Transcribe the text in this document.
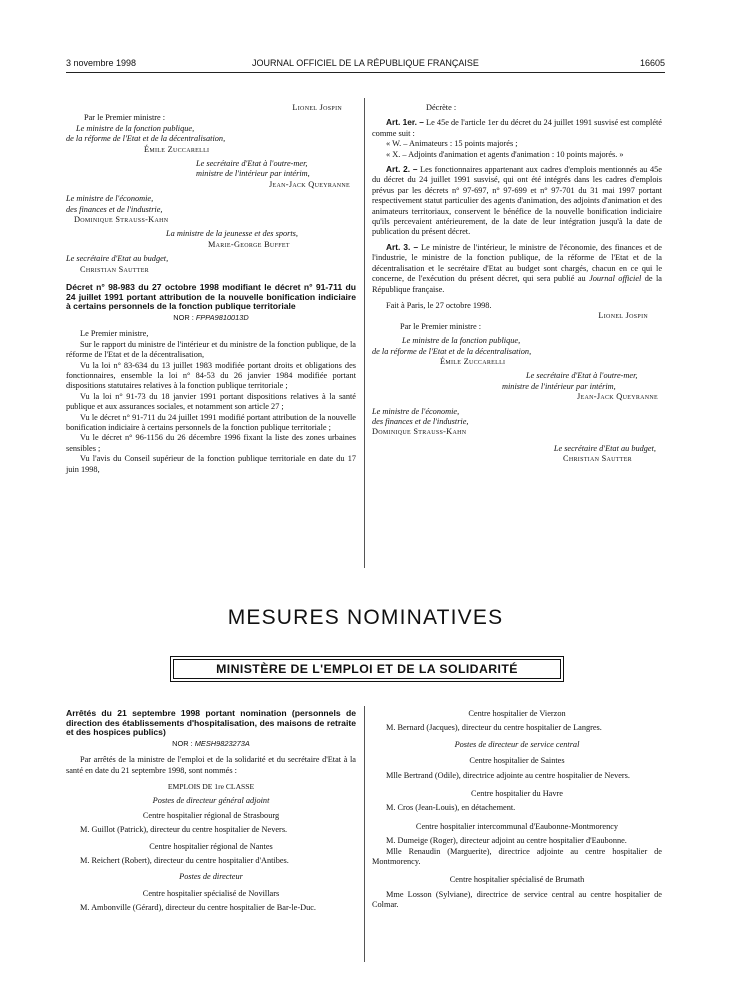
3 novembre 1998	JOURNAL OFFICIEL DE LA RÉPUBLIQUE FRANÇAISE	16605

Lionel Jospin

Par le Premier ministre :

Le ministre de la fonction publique,

de la réforme de l'Etat et de la décentralisation,

Émile Zuccarelli

Le secrétaire d'Etat à l'outre-mer,

ministre de l'intérieur par intérim,

Jean-Jack Queyranne

Le ministre de l'économie,

des finances et de l'industrie,

Dominique Strauss-Kahn

La ministre de la jeunesse et des sports,

Marie-George Buffet

Le secrétaire d'Etat au budget,

Christian Sautter

Décret n° 98-983 du 27 octobre 1998 modifiant le décret n° 91-711 du 24 juillet 1991 portant attribution de la nouvelle bonification indiciaire à certains personnels de la fonction publique territoriale

NOR : FPPA9810013D

Le Premier ministre,

Sur le rapport du ministre de l'intérieur et du ministre de la fonction publique, de la réforme de l'Etat et de la décentralisation,

Vu la loi n° 83-634 du 13 juillet 1983 modifiée portant droits et obligations des fonctionnaires, ensemble la loi n° 84-53 du 26 janvier 1984 modifiée portant dispositions statutaires relatives à la fonction publique territoriale ;

Vu la loi n° 91-73 du 18 janvier 1991 portant dispositions relatives à la santé publique et aux assurances sociales, et notamment son article 27 ;

Vu le décret n° 91-711 du 24 juillet 1991 modifié portant attribution de la nouvelle bonification indiciaire à certains personnels de la fonction publique territoriale ;

Vu le décret n° 96-1156 du 26 décembre 1996 fixant la liste des zones urbaines sensibles ;

Vu l'avis du Conseil supérieur de la fonction publique territoriale en date du 17 juin 1998,

Décrète :

Art. 1er. – Le 45e de l'article 1er du décret du 24 juillet 1991 susvisé est complété comme suit :

« W. – Animateurs : 15 points majorés ;

« X. – Adjoints d'animation et agents d'animation : 10 points majorés. »

Art. 2. – Les fonctionnaires appartenant aux cadres d'emplois mentionnés au 45e du décret du 24 juillet 1991 susvisé, qui ont été intégrés dans les cadres d'emplois prévus par les décrets n° 97-697, n° 97-699 et n° 97-701 du 31 mai 1997 portant respectivement statut particulier des agents d'animation, des adjoints d'animation et des animateurs territoriaux, conservent le bénéfice de la nouvelle bonification indiciaire qu'ils percevaient antérieurement, de la date de leur intégration jusqu'à la date de publication du présent décret.

Art. 3. – Le ministre de l'intérieur, le ministre de l'économie, des finances et de l'industrie, le ministre de la fonction publique, de la réforme de l'Etat et de la décentralisation et le secrétaire d'Etat au budget sont chargés, chacun en ce qui le concerne, de l'exécution du présent décret, qui sera publié au Journal officiel de la République française.

Fait à Paris, le 27 octobre 1998.

Lionel Jospin

Par le Premier ministre :

Le ministre de la fonction publique,

de la réforme de l'Etat et de la décentralisation,

Émile Zuccarelli

Le secrétaire d'Etat à l'outre-mer,

ministre de l'intérieur par intérim,

Jean-Jack Queyranne

Le ministre de l'économie,

des finances et de l'industrie,

Dominique Strauss-Kahn

Le secrétaire d'Etat au budget,

Christian Sautter

MESURES NOMINATIVES
MINISTÈRE DE L'EMPLOI ET DE LA SOLIDARITÉ

Arrêtés du 21 septembre 1998 portant nomination (personnels de direction des établissements d'hospitalisation, des maisons de retraite et des hospices publics)

NOR : MESH9823273A

Par arrêtés de la ministre de l'emploi et de la solidarité et du secrétaire d'Etat à la santé en date du 21 septembre 1998, sont nommés :

EMPLOIS DE 1re CLASSE

Postes de directeur général adjoint

Centre hospitalier régional de Strasbourg

M. Guillot (Patrick), directeur du centre hospitalier de Nevers.

Centre hospitalier régional de Nantes

M. Reichert (Robert), directeur du centre hospitalier d'Antibes.

Postes de directeur

Centre hospitalier spécialisé de Novillars

M. Ambonville (Gérard), directeur du centre hospitalier de Bar-le-Duc.

Centre hospitalier de Vierzon

M. Bernard (Jacques), directeur du centre hospitalier de Langres.

Postes de directeur de service central

Centre hospitalier de Saintes

Mlle Bertrand (Odile), directrice adjointe au centre hospitalier de Nevers.

Centre hospitalier du Havre

M. Cros (Jean-Louis), en détachement.

Centre hospitalier intercommunal d'Eaubonne-Montmorency

M. Dumeige (Roger), directeur adjoint au centre hospitalier d'Eaubonne.

Mlle Renaudin (Marguerite), directrice adjointe au centre hospitalier de Montmorency.

Centre hospitalier spécialisé de Brumath

Mme Losson (Sylviane), directrice de service central au centre hospitalier de Colmar.
